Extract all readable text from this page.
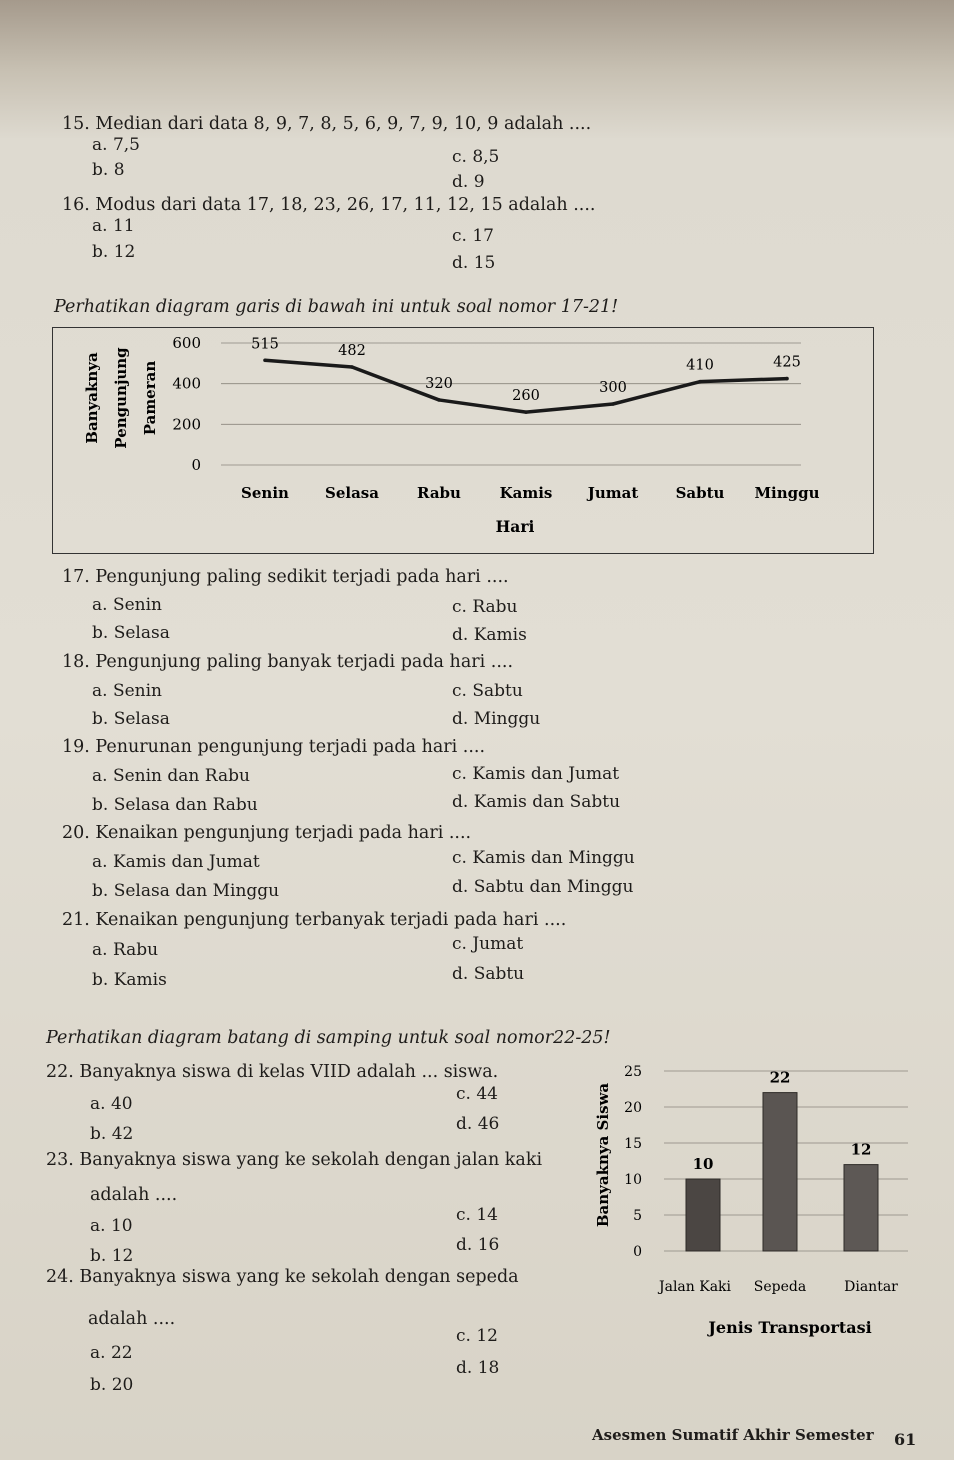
15. Median dari data 8, 9, 7, 8, 5, 6, 9, 7, 9, 10, 9 adalah ....
a. 7,5
b. 8
c. 8,5
d. 9
16. Modus dari data 17, 18, 23, 26, 17, 11, 12, 15 adalah ....
a. 11
b. 12
c. 17
d. 15
Perhatikan diagram garis di bawah ini untuk soal nomor 17-21!
0
200
400
600
Banyaknya Pengunjung Pameran
515	482
320
260
300
410	425
Senin Selasa	Rabu	Kamis Jumat Sabtu Minggu
Hari
17. Pengunjung paling sedikit terjadi pada hari ....
a. Senin
b. Selasa
c. Rabu
d. Kamis
18. Pengunjung paling banyak terjadi pada hari ....
a. Senin
b. Selasa
c. Sabtu
d. Minggu
19. Penurunan pengunjung terjadi pada hari ....
a. Senin dan Rabu
b. Selasa dan Rabu
c. Kamis dan Jumat
d. Kamis dan Sabtu
20. Kenaikan pengunjung terjadi pada hari ....
a. Kamis dan Jumat
b. Selasa dan Minggu
c. Kamis dan Minggu
d. Sabtu dan Minggu
21. Kenaikan pengunjung terbanyak terjadi pada hari ....
a. Rabu
b. Kamis
c. Jumat
d. Sabtu
Perhatikan diagram batang di samping untuk soal nomor22-25!
22. Banyaknya siswa di kelas VIID adalah ... siswa.
a. 40
b. 42
c. 44
d. 46
23. Banyaknya siswa yang ke sekolah dengan jalan kaki
adalah ....
a. 10
b. 12
c. 14
d. 16
24. Banyaknya siswa yang ke sekolah dengan sepeda
adalah ....
a. 22
b. 20
c. 12
d. 18
0
5
10
15
20
25
Banyaknya Siswa	10
22
12
Jalan Kaki Sepeda	Diantar
Jenis Transportasi
Asesmen Sumatif Akhir Semester 61
